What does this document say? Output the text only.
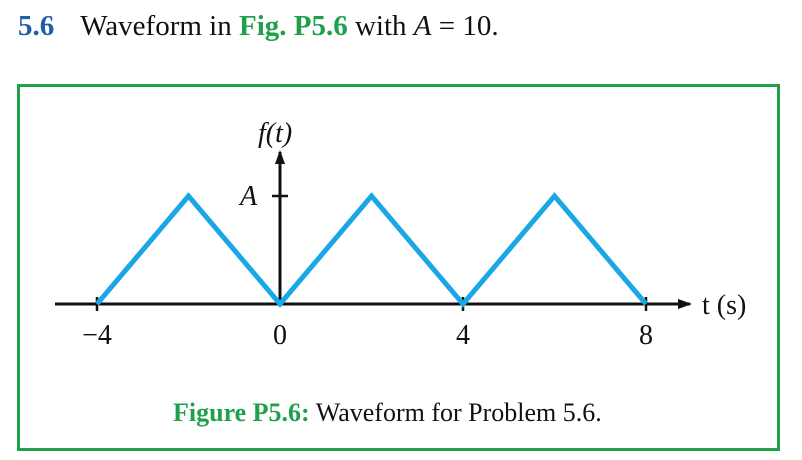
5.6 Waveform in Fig. P5.6 with A = 10.
f(t)
A
t (s)
−4	0	4	8
Figure P5.6: Waveform for Problem 5.6.
